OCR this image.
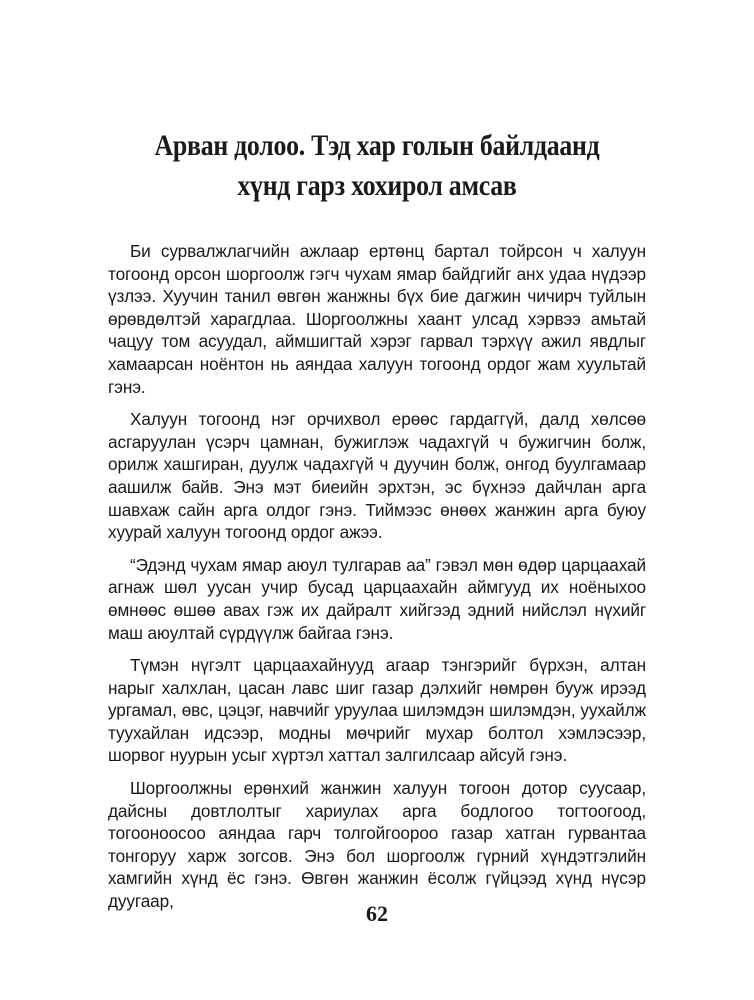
Арван долоо. Тэд хар голын байлдаанд
хүнд гарз хохирол амсав

Би сурвалжлагчийн ажлаар ертөнц бартал тойрсон ч халуун тогоонд орсон шоргоолж гэгч чухам ямар байдгийг анх удаа нүдээр үзлээ. Хуучин танил өвгөн жанжны бүх бие дагжин чичирч туйлын өрөвдөлтэй харагдлаа. Шоргоолжны хаант улсад хэрвээ амьтай чацуу том асуудал, аймшигтай хэрэг гарвал тэрхүү ажил явдлыг хамаарсан ноёнтон нь аяндаа халуун тогоонд ордог жам хуультай гэнэ.

Халуун тогоонд нэг орчихвол ерөөс гардаггүй, далд хөлсөө асгаруулан үсэрч цамнан, бужиглэж чадахгүй ч бужигчин болж, орилж хашгиран, дуулж чадахгүй ч дуучин болж, онгод буулгамаар аашилж байв. Энэ мэт биеийн эрхтэн, эс бүхнээ дайчлан арга шавхаж сайн арга олдог гэнэ. Тиймээс өнөөх жанжин арга буюу хуурай халуун тогоонд ордог ажээ.

“Эдэнд чухам ямар аюул тулгарав аа” гэвэл мөн өдөр царцаахай агнаж шөл уусан учир бусад царцаахайн аймгууд их ноёныхоо өмнөөс өшөө авах гэж их дайралт хийгээд эдний нийслэл нүхийг маш аюултай сүрдүүлж байгаа гэнэ.

Түмэн нүгэлт царцаахайнууд агаар тэнгэрийг бүрхэн, алтан нарыг халхлан, цасан лавс шиг газар дэлхийг нөмрөн бууж ирээд ургамал, өвс, цэцэг, навчийг уруулаа шилэмдэн шилэмдэн, уухайлж туухайлан идсээр, модны мөчрийг мухар болтол хэмлэсээр, шорвог нуурын усыг хүртэл хаттал залгилсаар айсуй гэнэ.

Шоргоолжны ерөнхий жанжин халуун тогоон дотор суусаар, дайсны довтлолтыг хариулах арга бодлогоо тогтоогоод, тогооноосоо аяндаа гарч толгойгоороо газар хатган гурвантаа тонгоруу харж зогсов. Энэ бол шоргоолж гүрний хүндэтгэлийн хамгийн хүнд ёс гэнэ. Өвгөн жанжин ёсолж гүйцээд хүнд нүсэр дуугаар,	62
